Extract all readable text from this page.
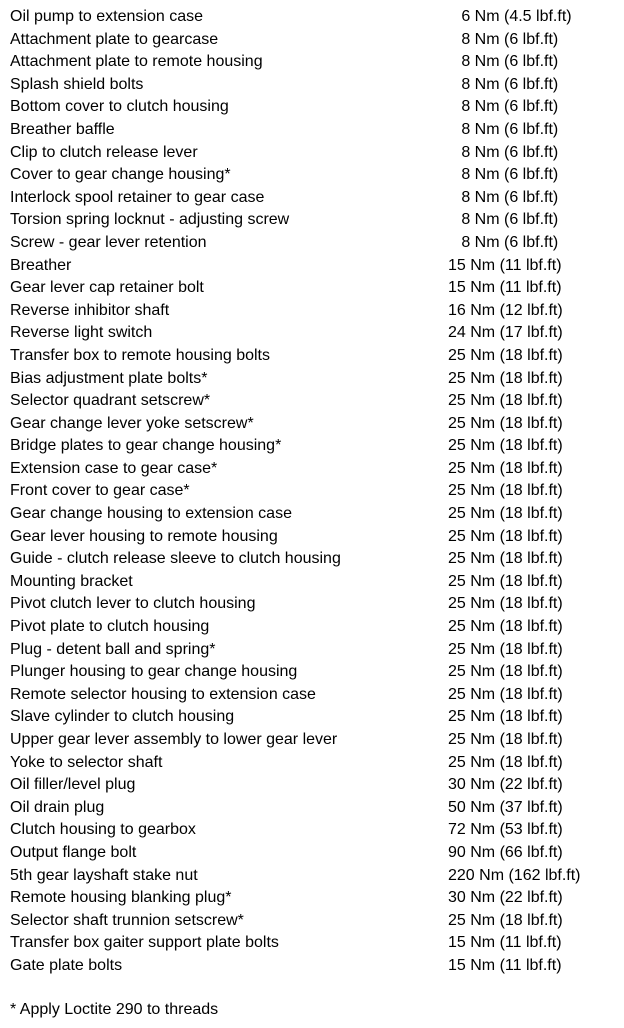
Oil pump to extension case	6 Nm (4.5 lbf.ft)
Attachment plate to gearcase	8 Nm (6 lbf.ft)
Attachment plate to remote housing	8 Nm (6 lbf.ft)
Splash shield bolts	8 Nm (6 lbf.ft)
Bottom cover to clutch housing	8 Nm (6 lbf.ft)
Breather baffle	8 Nm (6 lbf.ft)
Clip to clutch release lever	8 Nm (6 lbf.ft)
Cover to gear change housing*	8 Nm (6 lbf.ft)
Interlock spool retainer to gear case	8 Nm (6 lbf.ft)
Torsion spring locknut - adjusting screw	8 Nm (6 lbf.ft)
Screw - gear lever retention	8 Nm (6 lbf.ft)
Breather	15 Nm (11 lbf.ft)
Gear lever cap retainer bolt	15 Nm (11 lbf.ft)
Reverse inhibitor shaft	16 Nm (12 lbf.ft)
Reverse light switch	24 Nm (17 lbf.ft)
Transfer box to remote housing bolts	25 Nm (18 lbf.ft)
Bias adjustment plate bolts*	25 Nm (18 lbf.ft)
Selector quadrant setscrew*	25 Nm (18 lbf.ft)
Gear change lever yoke setscrew*	25 Nm (18 lbf.ft)
Bridge plates to gear change housing*	25 Nm (18 lbf.ft)
Extension case to gear case*	25 Nm (18 lbf.ft)
Front cover to gear case*	25 Nm (18 lbf.ft)
Gear change housing to extension case	25 Nm (18 lbf.ft)
Gear lever housing to remote housing	25 Nm (18 lbf.ft)
Guide - clutch release sleeve to clutch housing	25 Nm (18 lbf.ft)
Mounting bracket	25 Nm (18 lbf.ft)
Pivot clutch lever to clutch housing	25 Nm (18 lbf.ft)
Pivot plate to clutch housing	25 Nm (18 lbf.ft)
Plug - detent ball and spring*	25 Nm (18 lbf.ft)
Plunger housing to gear change housing	25 Nm (18 lbf.ft)
Remote selector housing to extension case	25 Nm (18 lbf.ft)
Slave cylinder to clutch housing	25 Nm (18 lbf.ft)
Upper gear lever assembly to lower gear lever	25 Nm (18 lbf.ft)
Yoke to selector shaft	25 Nm (18 lbf.ft)
Oil filler/level plug	30 Nm (22 lbf.ft)
Oil drain plug	50 Nm (37 lbf.ft)
Clutch housing to gearbox	72 Nm (53 lbf.ft)
Output flange bolt	90 Nm (66 lbf.ft)
5th gear layshaft stake nut	220 Nm (162 lbf.ft)
Remote housing blanking plug*	30 Nm (22 lbf.ft)
Selector shaft trunnion setscrew*	25 Nm (18 lbf.ft)
Transfer box gaiter support plate bolts	15 Nm (11 lbf.ft)
Gate plate bolts	15 Nm (11 lbf.ft)
* Apply Loctite 290 to threads
